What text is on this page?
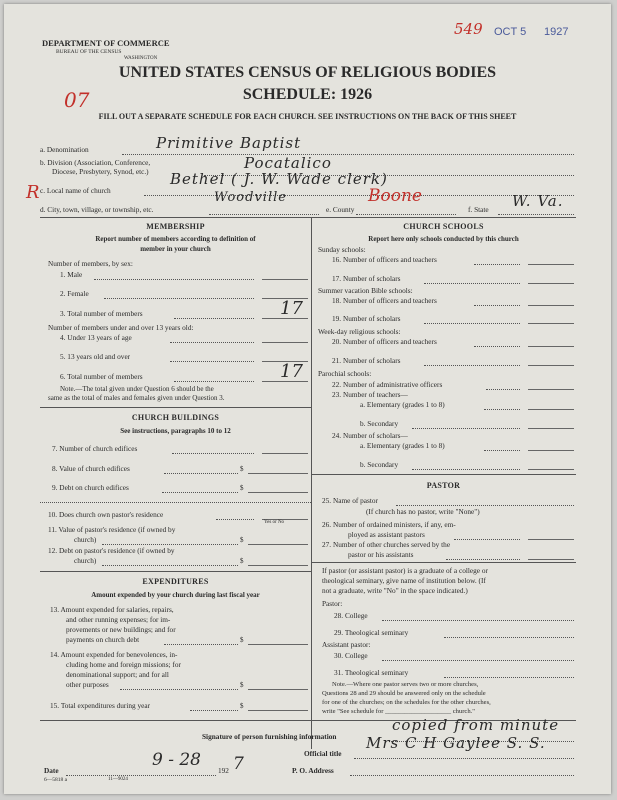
549 OCT 5 1927
07
R
DEPARTMENT OF COMMERCE
BUREAU OF THE CENSUS
WASHINGTON
UNITED STATES CENSUS OF RELIGIOUS BODIES
SCHEDULE: 1926
FILL OUT A SEPARATE SCHEDULE FOR EACH CHURCH. SEE INSTRUCTIONS ON THE BACK OF THIS SHEET
a. Denomination	Primitive Baptist
b. Division (Association, Conference,
Diocese, Presbytery, Synod, etc.)	Pocatalico
c. Local name of church
Bethel ( J. W. Wade clerk)
d. City, town, village, or township, etc.
Woodville
e. County
Boone
f. State W. Va.
MEMBERSHIP
Report number of members according to definition of
member in your church
Number of members, by sex:
1. Male
2. Female
3. Total number of members	17
Number of members under and over 13 years old:
4. Under 13 years of age
5. 13 years old and over
6. Total number of members	17
Note.—The total given under Question 6 should be the
same as the total of males and females given under Question 3.
CHURCH BUILDINGS
See instructions, paragraphs 10 to 12
7. Number of church edifices
8. Value of church edifices	$
9. Debt on church edifices	$
10. Does church own pastor's residence
Yes or No
11. Value of pastor's residence (if owned by
church)	$
12. Debt on pastor's residence (if owned by
church)	$
EXPENDITURES
Amount expended by your church during last fiscal year
13. Amount expended for salaries, repairs,
and other running expenses; for im-
provements or new buildings; and for
payments on church debt	$
14. Amount expended for benevolences, in-
cluding home and foreign missions; for
denominational support; and for all
other purposes	$
15. Total expenditures during year	$
CHURCH SCHOOLS
Report here only schools conducted by this church
Sunday schools:
16. Number of officers and teachers
17. Number of scholars
Summer vacation Bible schools:
18. Number of officers and teachers
19. Number of scholars
Week-day religious schools:
20. Number of officers and teachers
21. Number of scholars
Parochial schools:
22. Number of administrative officers
23. Number of teachers—
a. Elementary (grades 1 to 8)
b. Secondary
24. Number of scholars—
a. Elementary (grades 1 to 8)
b. Secondary
PASTOR
25. Name of pastor
(If church has no pastor, write "None")
26. Number of ordained ministers, if any, em-
ployed as assistant pastors
27. Number of other churches served by the
pastor or his assistants
If pastor (or assistant pastor) is a graduate of a college or
theological seminary, give name of institution below. (If
not a graduate, write "No" in the space indicated.)
Pastor:
28. College
29. Theological seminary
Assistant pastor:
30. College
31. Theological seminary
Note.—Where one pastor serves two or more churches,
Questions 28 and 29 should be answered only on the schedule
for one of the churches; on the schedules for the other churches,
write "See schedule for ____________________ church."
Signature of person furnishing information
copied from minute
Official title
Mrs C H Gaylee S. S.
Date
9 - 28
192 7	P. O. Address
6—5818 a	11—9024
